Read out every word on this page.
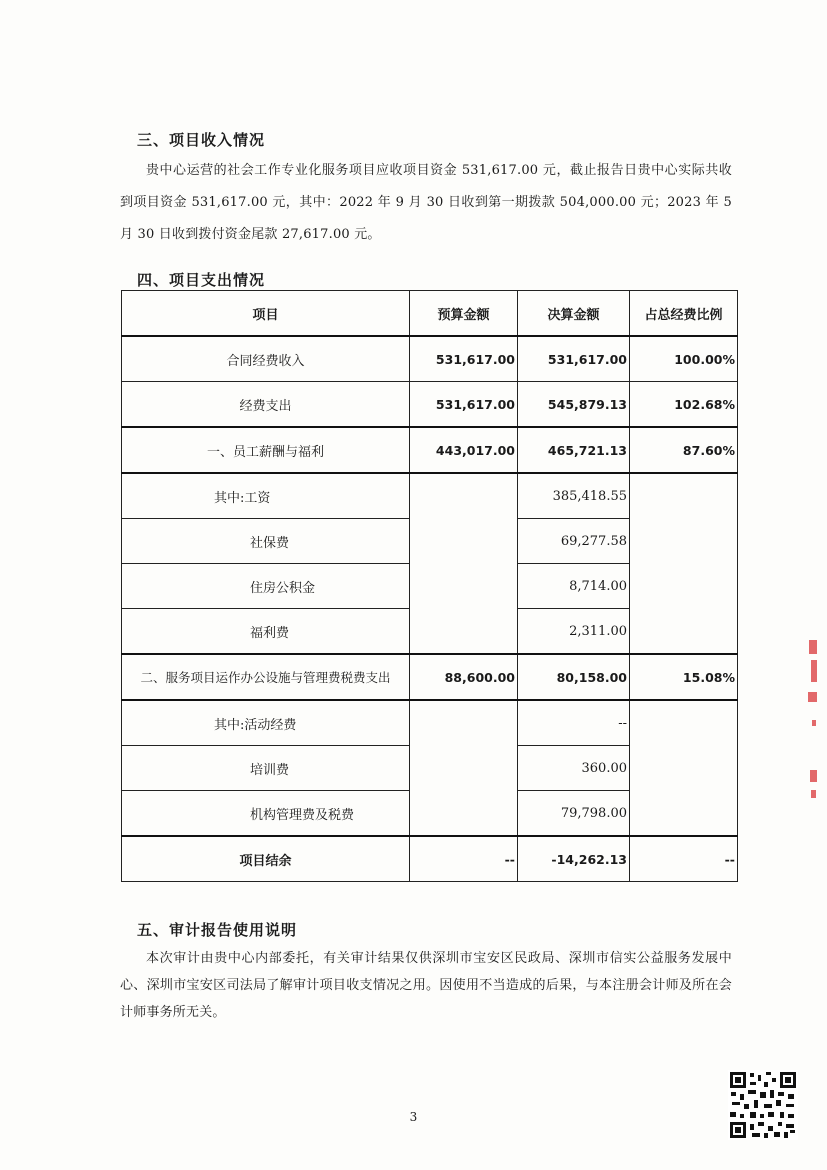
三、项目收入情况
贵中心运营的社会工作专业化服务项目应收项目资金 531,617.00 元，截止报告日贵中心实际共收到项目资金 531,617.00 元，其中：2022 年 9 月 30 日收到第一期拨款 504,000.00 元；2023 年 5 月 30 日收到拨付资金尾款 27,617.00 元。
四、项目支出情况
项目	预算金额	决算金额	占总经费比例
合同经费收入	531,617.00	531,617.00	100.00%
经费支出	531,617.00	545,879.13	102.68%
一、员工薪酬与福利	443,017.00	465,721.13	87.60%
其中:工资		385,418.55	
社保费		69,277.58	
住房公积金		8,714.00	
福利费		2,311.00	
二、服务项目运作办公设施与管理费税费支出	88,600.00	80,158.00	15.08%
其中:活动经费		--	
培训费		360.00	
机构管理费及税费		79,798.00	
项目结余	--	-14,262.13	--
五、审计报告使用说明
本次审计由贵中心内部委托，有关审计结果仅供深圳市宝安区民政局、深圳市信实公益服务发展中心、深圳市宝安区司法局了解审计项目收支情况之用。因使用不当造成的后果，与本注册会计师及所在会计师事务所无关。
3
